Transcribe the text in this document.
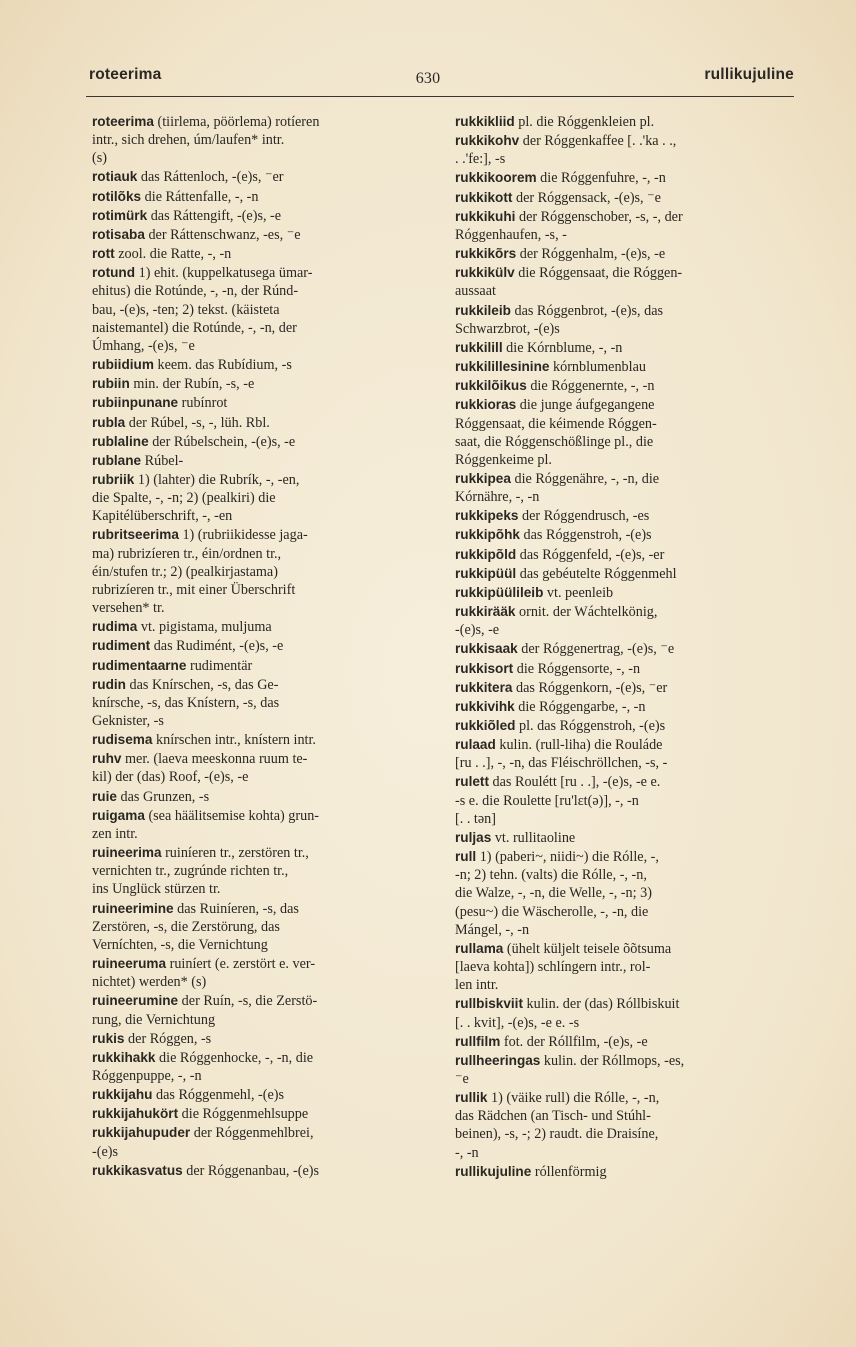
roteerima	630	rullikujuline
roteerima (tiirlema, pöörlema) rotíeren
intr., sich drehen, úm/laufen* intr.
(s)
rotiauk das Ráttenloch, -(e)s, ⁻er
rotilõks die Ráttenfalle, -, -n
rotimürk das Ráttengift, -(e)s, -e
rotisaba der Ráttenschwanz, -es, ⁻e
rott zool. die Ratte, -, -n
rotund 1) ehit. (kuppelkatusega ümar-
ehitus) die Rotúnde, -, -n, der Rúnd-
bau, -(e)s, -ten; 2) tekst. (käisteta
naistemantel) die Rotúnde, -, -n, der
Úmhang, -(e)s, ⁻e
rubiidium keem. das Rubídium, -s
rubiin min. der Rubín, -s, -e
rubiinpunane rubínrot
rubla der Rúbel, -s, -, lüh. Rbl.
rublaline der Rúbelschein, -(e)s, -e
rublane Rúbel-
rubriik 1) (lahter) die Rubrík, -, -en,
die Spalte, -, -n; 2) (pealkiri) die
Kapitélüberschrift, -, -en
rubritseerima 1) (rubriikidesse jaga-
ma) rubrizíeren tr., éin/ordnen tr.,
éin/stufen tr.; 2) (pealkirjastama)
rubrizíeren tr., mit einer Überschrift
versehen* tr.
rudima vt. pigistama, muljuma
rudiment das Rudimént, -(e)s, -e
rudimentaarne rudimentär
rudin das Knírschen, -s, das Ge-
knírsche, -s, das Knístern, -s, das
Geknister, -s
rudisema knírschen intr., knístern intr.
ruhv mer. (laeva meeskonna ruum te-
kil) der (das) Roof, -(e)s, -e
ruie das Grunzen, -s
ruigama (sea häälitsemise kohta) grun-
zen intr.
ruineerima ruiníeren tr., zerstören tr.,
vernichten tr., zugrúnde richten tr.,
ins Unglück stürzen tr.
ruineerimine das Ruiníeren, -s, das
Zerstören, -s, die Zerstörung, das
Verníchten, -s, die Vernichtung
ruineeruma ruiníert (e. zerstört e. ver-
nichtet) werden* (s)
ruineerumine der Ruín, -s, die Zerstö-
rung, die Vernichtung
rukis der Róggen, -s
rukkihakk die Róggenhocke, -, -n, die
Róggenpuppe, -, -n
rukkijahu das Róggenmehl, -(e)s
rukkijahukört die Róggenmehlsuppe
rukkijahupuder der Róggenmehlbrei,
-(e)s
rukkikasvatus der Róggenanbau, -(e)s
rukkikliid pl. die Róggenkleien pl.
rukkikohv der Róggenkaffee [. .'ka . .,
. .'fe:], -s
rukkikoorem die Róggenfuhre, -, -n
rukkikott der Róggensack, -(e)s, ⁻e
rukkikuhi der Róggenschober, -s, -, der
Róggenhaufen, -s, -
rukkikõrs der Róggenhalm, -(e)s, -e
rukkikülv die Róggensaat, die Róggen-
aussaat
rukkileib das Róggenbrot, -(e)s, das
Schwarzbrot, -(e)s
rukkilill die Kórnblume, -, -n
rukkilillesinine kórnblumenblau
rukkilõikus die Róggenernte, -, -n
rukkioras die junge áufgegangene
Róggensaat, die kéimende Róggen-
saat, die Róggenschößlinge pl., die
Róggenkeime pl.
rukkipea die Róggenähre, -, -n, die
Kórnähre, -, -n
rukkipeks der Róggendrusch, -es
rukkipõhk das Róggenstroh, -(e)s
rukkipõld das Róggenfeld, -(e)s, -er
rukkipüül das gebéutelte Róggenmehl
rukkipüülileib vt. peenleib
rukkirääk ornit. der Wáchtelkönig,
-(e)s, -e
rukkisaak der Róggenertrag, -(e)s, ⁻e
rukkisort die Róggensorte, -, -n
rukkitera das Róggenkorn, -(e)s, ⁻er
rukkivihk die Róggengarbe, -, -n
rukkiõled pl. das Róggenstroh, -(e)s
rulaad kulin. (rull-liha) die Rouláde
[ru . .], -, -n, das Fléischröllchen, -s, -
rulett das Roulétt [ru . .], -(e)s, -e e.
-s e. die Roulette [ru'lɛt(ə)], -, -n
[. . tən]
ruljas vt. rullitaoline
rull 1) (paberi~, niidi~) die Rólle, -,
-n; 2) tehn. (valts) die Rólle, -, -n,
die Walze, -, -n, die Welle, -, -n; 3)
(pesu~) die Wäscherolle, -, -n, die
Mángel, -, -n
rullama (ühelt küljelt teisele õõtsuma
[laeva kohta]) schlíngern intr., rol-
len intr.
rullbiskviit kulin. der (das) Róllbiskuit
[. . kvit], -(e)s, -e e. -s
rullfilm fot. der Róllfilm, -(e)s, -e
rullheeringas kulin. der Róllmops, -es,
⁻e
rullik 1) (väike rull) die Rólle, -, -n,
das Rädchen (an Tisch- und Stúhl-
beinen), -s, -; 2) raudt. die Draisíne,
-, -n
rullikujuline róllenförmig
